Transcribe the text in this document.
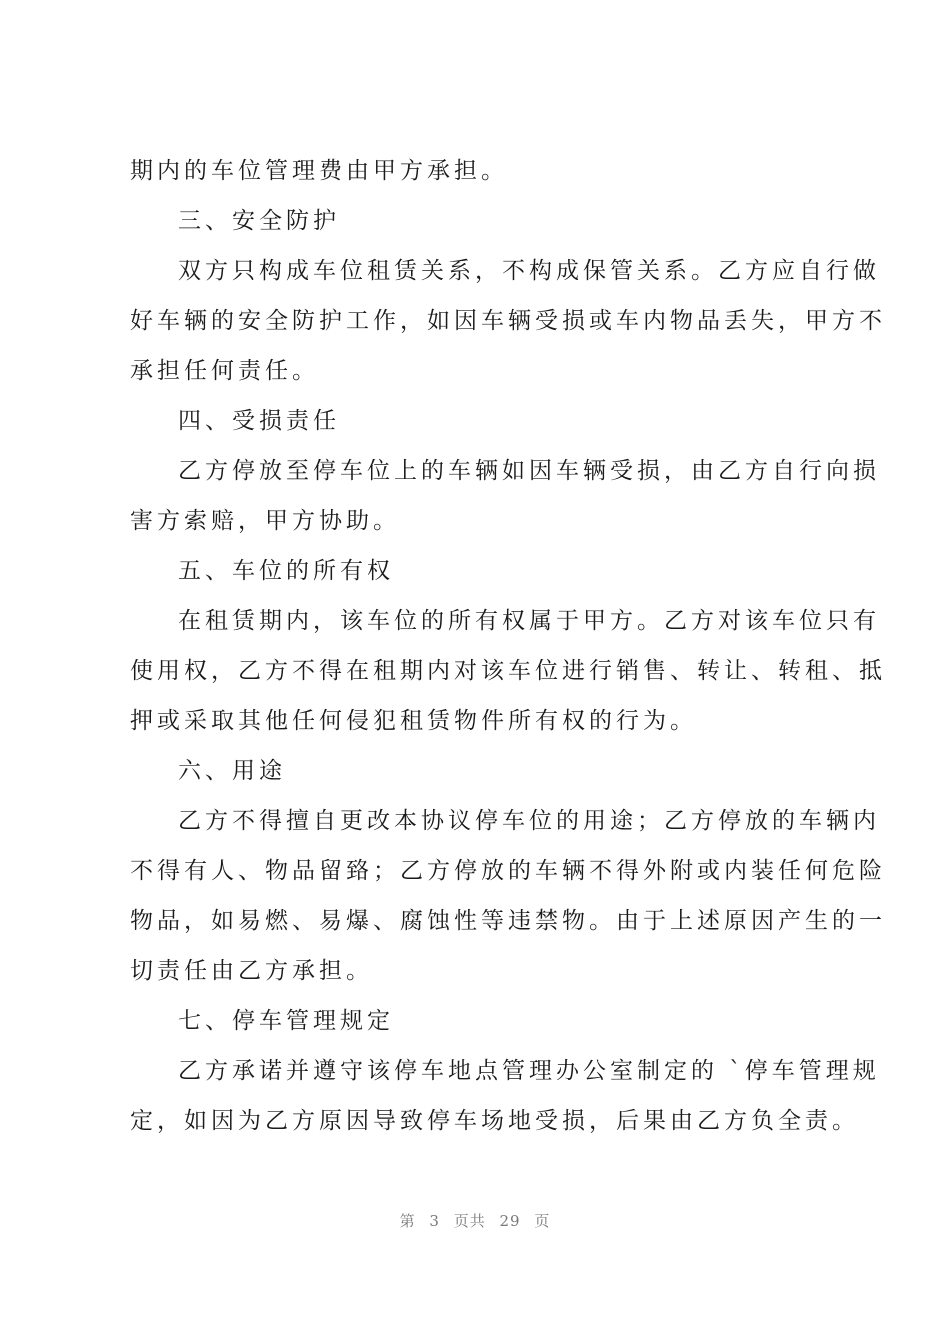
期内的车位管理费由甲方承担。
三、安全防护
双方只构成车位租赁关系，不构成保管关系。乙方应自行做
好车辆的安全防护工作，如因车辆受损或车内物品丢失，甲方不
承担任何责任。
四、受损责任
乙方停放至停车位上的车辆如因车辆受损，由乙方自行向损
害方索赔，甲方协助。
五、车位的所有权
在租赁期内，该车位的所有权属于甲方。乙方对该车位只有
使用权，乙方不得在租期内对该车位进行销售、转让、转租、抵
押或采取其他任何侵犯租赁物件所有权的行为。
六、用途
乙方不得擅自更改本协议停车位的用途；乙方停放的车辆内
不得有人、物品留臵；乙方停放的车辆不得外附或内装任何危险
物品，如易燃、易爆、腐蚀性等违禁物。由于上述原因产生的一
切责任由乙方承担。
七、停车管理规定
乙方承诺并遵守该停车地点管理办公室制定的 `停车管理规
定，如因为乙方原因导致停车场地受损，后果由乙方负全责。
第 3 页共 29 页
